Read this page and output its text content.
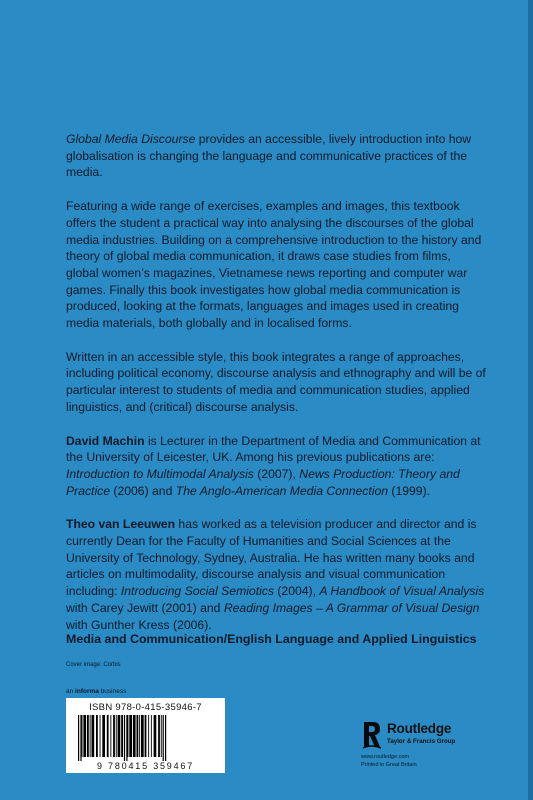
Global Media Discourse provides an accessible, lively introduction into how globalisation is changing the language and communicative practices of the media.

Featuring a wide range of exercises, examples and images, this textbook offers the student a practical way into analysing the discourses of the global media industries. Building on a comprehensive introduction to the history and theory of global media communication, it draws case studies from films, global women’s magazines, Vietnamese news reporting and computer war games. Finally this book investigates how global media communication is produced, looking at the formats, languages and images used in creating media materials, both globally and in localised forms.

Written in an accessible style, this book integrates a range of approaches, including political economy, discourse analysis and ethnography and will be of particular interest to students of media and communication studies, applied linguistics, and (critical) discourse analysis.

David Machin is Lecturer in the Department of Media and Communication at the University of Leicester, UK. Among his previous publications are: Introduction to Multimodal Analysis (2007), News Production: Theory and Practice (2006) and The Anglo-American Media Connection (1999).

Theo van Leeuwen has worked as a television producer and director and is currently Dean for the Faculty of Humanities and Social Sciences at the University of Technology, Sydney, Australia. He has written many books and articles on multimodality, discourse analysis and visual communication including: Introducing Social Semiotics (2004), A Handbook of Visual Analysis with Carey Jewitt (2001) and Reading Images – A Grammar of Visual Design with Gunther Kress (2006).

Media and Communication/English Language and Applied Linguistics
Cover image: Corbis
an informa business
ISBN 978-0-415-35946-7
9 780415 359467
Routledge
Taylor & Francis Group
www.routledge.com
Printed in Great Britain
